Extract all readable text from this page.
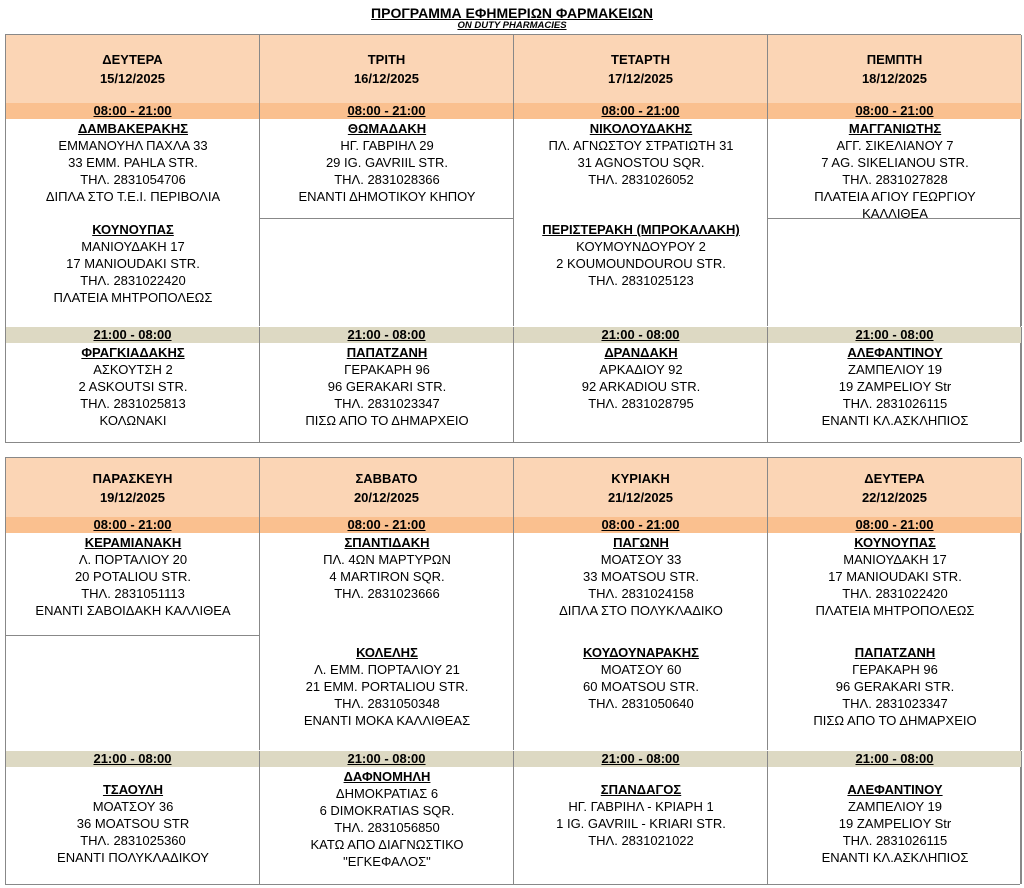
ΠΡΟΓΡΑΜΜΑ ΕΦΗΜΕΡΙΩΝ ΦΑΡΜΑΚΕΙΩΝ
ON DUTY PHARMACIES
ΔΕΥΤΕΡΑ
15/12/2025
08:00 - 21:00
ΔΑΜΒΑΚΕΡΑΚΗΣ
ΕΜΜΑΝΟΥΗΛ ΠΑΧΛΑ 33
33 EMM. PAHLA STR.
ΤΗΛ. 2831054706
ΔΙΠΛΑ ΣΤΟ Τ.Ε.Ι. ΠΕΡΙΒΟΛΙΑ
ΚΟΥΝΟΥΠΑΣ
ΜΑΝΙΟΥΔΑΚΗ 17
17 MANIOUDAKI STR.
ΤΗΛ. 2831022420
ΠΛΑΤΕΙΑ ΜΗΤΡΟΠΟΛΕΩΣ
21:00 - 08:00
ΦΡΑΓΚΙΑΔΑΚΗΣ
ΑΣΚΟΥΤΣΗ 2
2 ASKOUTSI STR.
ΤΗΛ. 2831025813
ΚΟΛΩΝΑΚΙ
ΤΡΙΤΗ
16/12/2025
08:00 - 21:00
ΘΩΜΑΔΑΚΗ
ΗΓ. ΓΑΒΡΙΗΛ 29
29 IG. GAVRIIL STR.
ΤΗΛ. 2831028366
ΕΝΑΝΤΙ ΔΗΜΟΤΙΚΟΥ ΚΗΠΟΥ
21:00 - 08:00
ΠΑΠΑΤΖΑΝΗ
ΓΕΡΑΚΑΡΗ 96
96 GERAKARI STR.
ΤΗΛ. 2831023347
ΠΙΣΩ ΑΠΟ ΤΟ ΔΗΜΑΡΧΕΙΟ
ΤΕΤΑΡΤΗ
17/12/2025
08:00 - 21:00
ΝΙΚΟΛΟΥΔΑΚΗΣ
ΠΛ. ΑΓΝΩΣΤΟΥ ΣΤΡΑΤΙΩΤΗ 31
31 AGNOSTOU SQR.
ΤΗΛ. 2831026052
ΠΕΡΙΣΤΕΡΑΚΗ (ΜΠΡΟΚΑΛΑΚΗ)
ΚΟΥΜΟΥΝΔΟΥΡΟΥ 2
2 KOUMOUNDOUROU STR.
ΤΗΛ. 2831025123
21:00 - 08:00
ΔΡΑΝΔΑΚΗ
ΑΡΚΑΔΙΟΥ 92
92 ARKADIOU STR.
ΤΗΛ. 2831028795
ΠΕΜΠΤΗ
18/12/2025
08:00 - 21:00
ΜΑΓΓΑΝΙΩΤΗΣ
ΑΓΓ. ΣΙΚΕΛΙΑΝΟΥ 7
7 AG. SIKELIANOU STR.
ΤΗΛ. 2831027828
ΠΛΑΤΕΙΑ ΑΓΙΟΥ ΓΕΩΡΓΙΟΥ
ΚΑΛΛΙΘΕΑ
21:00 - 08:00
ΑΛΕΦΑΝΤΙΝΟΥ
ΖΑΜΠΕΛΙΟΥ 19
19 ZAMPELIOY Str
ΤΗΛ. 2831026115
ΕΝΑΝΤΙ ΚΛ.ΑΣΚΛΗΠΙΟΣ
ΠΑΡΑΣΚΕΥΗ
19/12/2025
08:00 - 21:00
ΚΕΡΑΜΙΑΝΑΚΗ
Λ. ΠΟΡΤΑΛΙΟΥ 20
20 POTALIOU STR.
ΤΗΛ. 2831051113
ΕΝΑΝΤΙ ΣΑΒΟΙΔΑΚΗ ΚΑΛΛΙΘΕΑ
21:00 - 08:00
ΤΣΑΟΥΛΗ
ΜΟΑΤΣΟΥ 36
36 MOATSOU STR
ΤΗΛ. 2831025360
ΕΝΑΝΤΙ ΠΟΛΥΚΛΑΔΙΚΟΥ
ΣΑΒΒΑΤΟ
20/12/2025
08:00 - 21:00
ΣΠΑΝΤΙΔΑΚΗ
ΠΛ. 4ΩΝ ΜΑΡΤΥΡΩΝ
4 MARTIRON SQR.
ΤΗΛ. 2831023666
ΚΟΛΕΛΗΣ
Λ. ΕΜΜ. ΠΟΡΤΑΛΙΟΥ 21
21 ΕΜΜ. PORTALIOU STR.
ΤΗΛ. 2831050348
ΕΝΑΝΤΙ ΜΟΚΑ ΚΑΛΛΙΘΕΑΣ
21:00 - 08:00
ΔΑΦΝΟΜΗΛΗ
ΔΗΜΟΚΡΑΤΙΑΣ 6
6 DIMOKRATIAS SQR.
ΤΗΛ. 2831056850
ΚΑΤΩ ΑΠΟ ΔΙΑΓΝΩΣΤΙΚΟ
"ΕΓΚΕΦΑΛΟΣ"
ΚΥΡΙΑΚΗ
21/12/2025
08:00 - 21:00
ΠΑΓΩΝΗ
ΜΟΑΤΣΟΥ 33
33 MOATSOU STR.
ΤΗΛ. 2831024158
ΔΙΠΛΑ ΣΤΟ ΠΟΛΥΚΛΑΔΙΚΟ
ΚΟΥΔΟΥΝΑΡΑΚΗΣ
ΜΟΑΤΣΟΥ 60
60 MOATSOU STR.
ΤΗΛ. 2831050640
21:00 - 08:00
ΣΠΑΝΔΑΓΟΣ
ΗΓ. ΓΑΒΡΙΗΛ - ΚΡΙΑΡΗ 1
1 IG. GAVRIIL - KRIARI STR.
ΤΗΛ. 2831021022
ΔΕΥΤΕΡΑ
22/12/2025
08:00 - 21:00
ΚΟΥΝΟΥΠΑΣ
ΜΑΝΙΟΥΔΑΚΗ 17
17 MANIOUDAKI STR.
ΤΗΛ. 2831022420
ΠΛΑΤΕΙΑ ΜΗΤΡΟΠΟΛΕΩΣ
ΠΑΠΑΤΖΑΝΗ
ΓΕΡΑΚΑΡΗ 96
96 GERAKARI STR.
ΤΗΛ. 2831023347
ΠΙΣΩ ΑΠΟ ΤΟ ΔΗΜΑΡΧΕΙΟ
21:00 - 08:00
ΑΛΕΦΑΝΤΙΝΟΥ
ΖΑΜΠΕΛΙΟΥ 19
19 ZAMPELIOY Str
ΤΗΛ. 2831026115
ΕΝΑΝΤΙ ΚΛ.ΑΣΚΛΗΠΙΟΣ
